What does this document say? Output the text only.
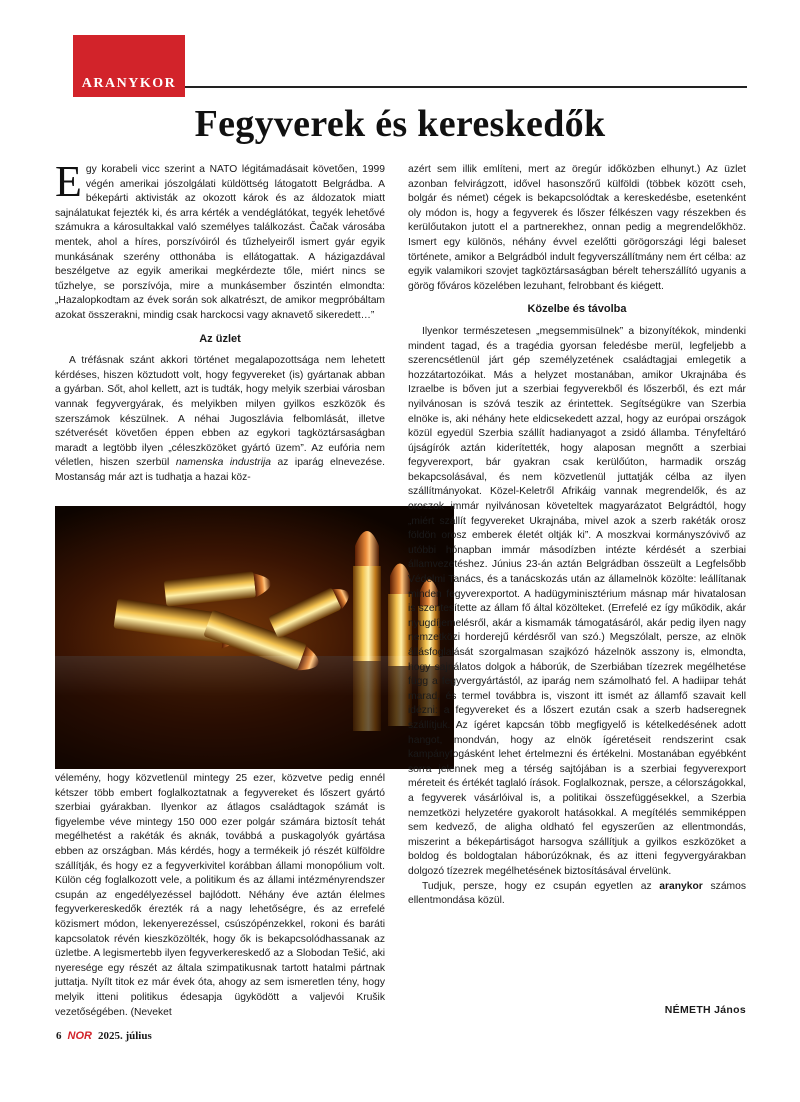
ARANYKOR
Fegyverek és kereskedők

Egy korabeli vicc szerint a NATO légitámadásait követően, 1999 végén amerikai jószolgálati küldöttség látogatott Belgrádba. A békepárti aktivisták az okozott károk és az áldozatok miatt sajnálatukat fejezték ki, és arra kérték a vendéglátókat, tegyék lehetővé számukra a károsultakkal való személyes találkozást. Čačak városába mentek, ahol a híres, porszívóiról és tűzhelyeiről ismert gyár egyik munkásának szerény otthonába is ellátogattak. A házigazdával beszélgetve az egyik amerikai megkérdezte tőle, miért nincs se tűzhelye, se porszívója, mire a munkásember őszintén elmondta: „Hazalopkodtam az évek során sok alkatrészt, de amikor megpróbáltam azokat összerakni, mindig csak harckocsi vagy aknavető sikeredett…”

Az üzlet

A tréfásnak szánt akkori történet megalapozottsága nem lehetett kérdéses, hiszen köztudott volt, hogy fegyvereket (is) gyártanak abban a gyárban. Sőt, ahol kellett, azt is tudták, hogy melyik szerbiai városban vannak fegyvergyárak, és melyikben milyen gyilkos eszközök és szerszámok készülnek. A néhai Jugoszlávia felbomlását, illetve szétverését követően éppen ebben az egykori tagköztársaságban maradt a legtöbb ilyen „céleszközöket gyártó üzem”. Az eufória nem véletlen, hiszen szerbül namenska industrija az iparág elnevezése. Mostanság már azt is tudhatja a hazai köz-

vélemény, hogy közvetlenül mintegy 25 ezer, közvetve pedig ennél kétszer több embert foglalkoztatnak a fegyvereket és lőszert gyártó szerbiai gyárakban. Ilyenkor az átlagos családtagok számát is figyelembe véve mintegy 150 000 ezer polgár számára biztosít tehát megélhetést a rakéták és aknák, továbbá a puskagolyók gyártása ebben az országban. Más kérdés, hogy a termékeik jó részét külföldre szállítják, és hogy ez a fegyverkivitel korábban állami monopólium volt. Külön cég foglalkozott vele, a politikum és az állami intézményrendszer csupán az engedélyezéssel bajlódott. Néhány éve aztán élelmes fegyverkereskedők érezték rá a nagy lehetőségre, és az errefelé közismert módon, lekenyerezéssel, csúszópénzekkel, rokoni és baráti kapcsolatok révén kieszközölték, hogy ők is bekapcsolódhassanak az üzletbe. A legismertebb ilyen fegyverkereskedő az a Slobodan Tešić, aki nyeresége egy részét az általa szimpatikusnak tartott hatalmi pártnak juttatja. Nyílt titok ez már évek óta, ahogy az sem ismeretlen tény, hogy melyik itteni politikus édesapja ügyködött a valjevói Krušik vezetőségében. (Neveket

azért sem illik említeni, mert az öregúr időközben elhunyt.) Az üzlet azonban felvirágzott, idővel hasonszőrű külföldi (többek között cseh, bolgár és német) cégek is bekapcsolódtak a kereskedésbe, esetenként oly módon is, hogy a fegyverek és lőszer félkészen vagy részekben és kerülőutakon jutott el a partnerekhez, onnan pedig a megrendelőkhöz. Ismert egy különös, néhány évvel ezelőtti görögországi légi baleset története, amikor a Belgrádból indult fegyverszállítmány nem ért célba: az egyik valamikori szovjet tagköztársaságban bérelt teherszállító ugyanis a görög főváros közelében lezuhant, felrobbant és kiégett.

Közelbe és távolba

Ilyenkor természetesen „megsemmisülnek” a bizonyítékok, mindenki mindent tagad, és a tragédia gyorsan feledésbe merül, legfeljebb a szerencsétlenül járt gép személyzetének családtagjai emlegetik a hozzátartozóikat. Más a helyzet mostanában, amikor Ukrajnába és Izraelbe is bőven jut a szerbiai fegyverekből és lőszerből, és ezt már nyilvánosan is szóvá teszik az érintettek. Segítségükre van Szerbia elnöke is, aki néhány hete eldicsekedett azzal, hogy az európai országok közül egyedül Szerbia szállít hadianyagot a zsidó államba. Tényfeltáró újságírók aztán kiderítették, hogy alaposan megnőtt a szerbiai fegyverexport, bár gyakran csak kerülőúton, harmadik ország bekapcsolásával, és nem közvetlenül juttatják célba az ilyen szállítmányokat. Közel-Keletről Afrikáig vannak megrendelők, és az oroszok immár nyilvánosan követeltek magyarázatot Belgrádtól, hogy „miért szállít fegyvereket Ukrajnába, mivel azok a szerb rakéták orosz földön orosz emberek életét oltják ki”. A moszkvai kormányszóvivő az utóbbi hónapban immár másodízben intézte kérdését a szerbiai államvezetéshez. Június 23-án aztán Belgrádban összeült a Legfelsőbb Védelmi Tanács, és a tanácskozás után az államelnök közölte: leállítanak minden fegyverexportot. A hadügyminisztérium másnap már hivatalosan is szentesítette az állam fő által közölteket. (Errefelé ez így működik, akár nyugdíjemelésről, akár a kismamák támogatásáról, akár pedig ilyen nagy nemzetközi horderejű kérdésről van szó.) Megszólalt, persze, az elnök állásfoglalását szorgalmasan szajkózó házelnök asszony is, elmondta, hogy sajnálatos dolgok a háborúk, de Szerbiában tízezrek megélhetése függ a fegyvergyártástól, az iparág nem számolható fel. A hadiipar tehát marad, és termel továbbra is, viszont itt ismét az államfő szavait kell idézni: a fegyvereket és a lőszert ezután csak a szerb hadseregnek szállítjuk. Az ígéret kapcsán több megfigyelő is kételkedésének adott hangot, mondván, hogy az elnök ígéretéseit rendszerint csak kampányfogásként lehet értelmezni és értékelni. Mostanában egyébként sorra jelennek meg a térség sajtójában is a szerbiai fegyverexport méreteit és értékét taglaló írások. Foglalkoznak, persze, a célországokkal, a fegyverek vásárlóival is, a politikai összefüggésekkel, a Szerbia nemzetközi helyzetére gyakorolt hatásokkal. A megítélés semmiképpen sem kedvező, de aligha oldható fel egyszerűen az ellentmondás, miszerint a békepártiságot harsogva szállítjuk a gyilkos eszközöket a boldog és boldogtalan háborúzóknak, és az itteni fegyvergyárakban dolgozó tízezrek megélhetésének biztosításával érvelünk.

Tudjuk, persze, hogy ez csupán egyetlen az aranykor számos ellentmondása közül.

NÉMETH János
6 NOR 2025. július
